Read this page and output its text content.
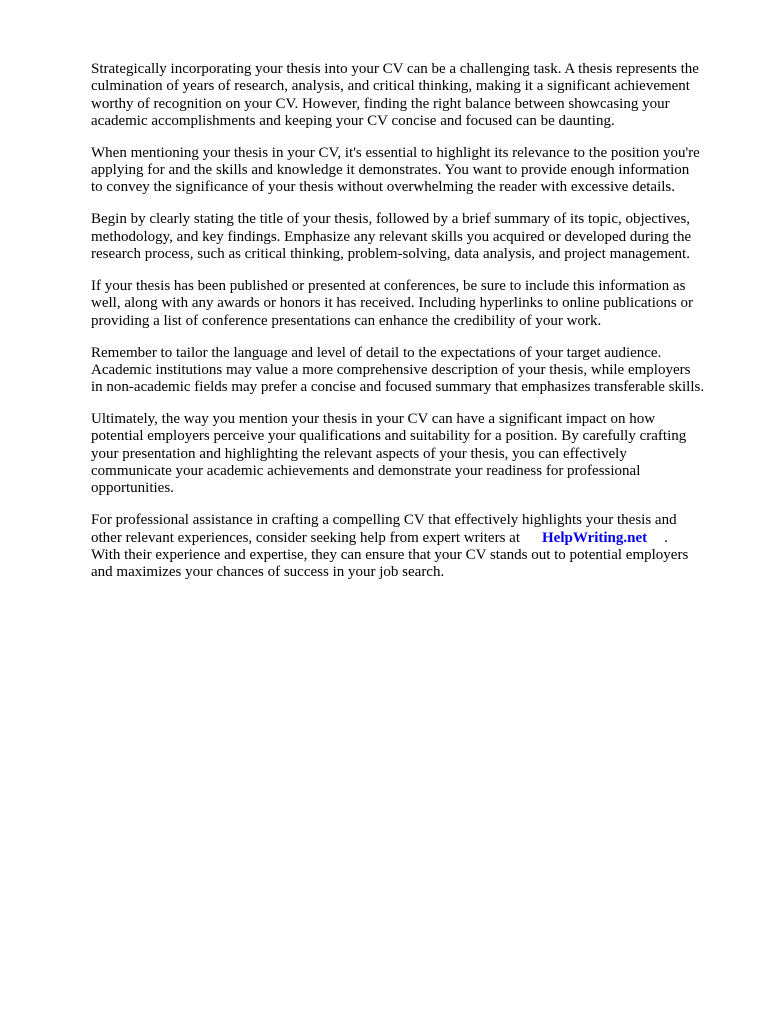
Strategically incorporating your thesis into your CV can be a challenging task. A thesis represents the
culmination of years of research, analysis, and critical thinking, making it a significant achievement
worthy of recognition on your CV. However, finding the right balance between showcasing your
academic accomplishments and keeping your CV concise and focused can be daunting.
When mentioning your thesis in your CV, it's essential to highlight its relevance to the position you're
applying for and the skills and knowledge it demonstrates. You want to provide enough information
to convey the significance of your thesis without overwhelming the reader with excessive details.
Begin by clearly stating the title of your thesis, followed by a brief summary of its topic, objectives,
methodology, and key findings. Emphasize any relevant skills you acquired or developed during the
research process, such as critical thinking, problem-solving, data analysis, and project management.
If your thesis has been published or presented at conferences, be sure to include this information as
well, along with any awards or honors it has received. Including hyperlinks to online publications or
providing a list of conference presentations can enhance the credibility of your work.
Remember to tailor the language and level of detail to the expectations of your target audience.
Academic institutions may value a more comprehensive description of your thesis, while employers
in non-academic fields may prefer a concise and focused summary that emphasizes transferable skills.
Ultimately, the way you mention your thesis in your CV can have a significant impact on how
potential employers perceive your qualifications and suitability for a position. By carefully crafting
your presentation and highlighting the relevant aspects of your thesis, you can effectively
communicate your academic achievements and demonstrate your readiness for professional
opportunities.
For professional assistance in crafting a compelling CV that effectively highlights your thesis and
other relevant experiences, consider seeking help from expert writers at HelpWriting.net .
With their experience and expertise, they can ensure that your CV stands out to potential employers
and maximizes your chances of success in your job search.
